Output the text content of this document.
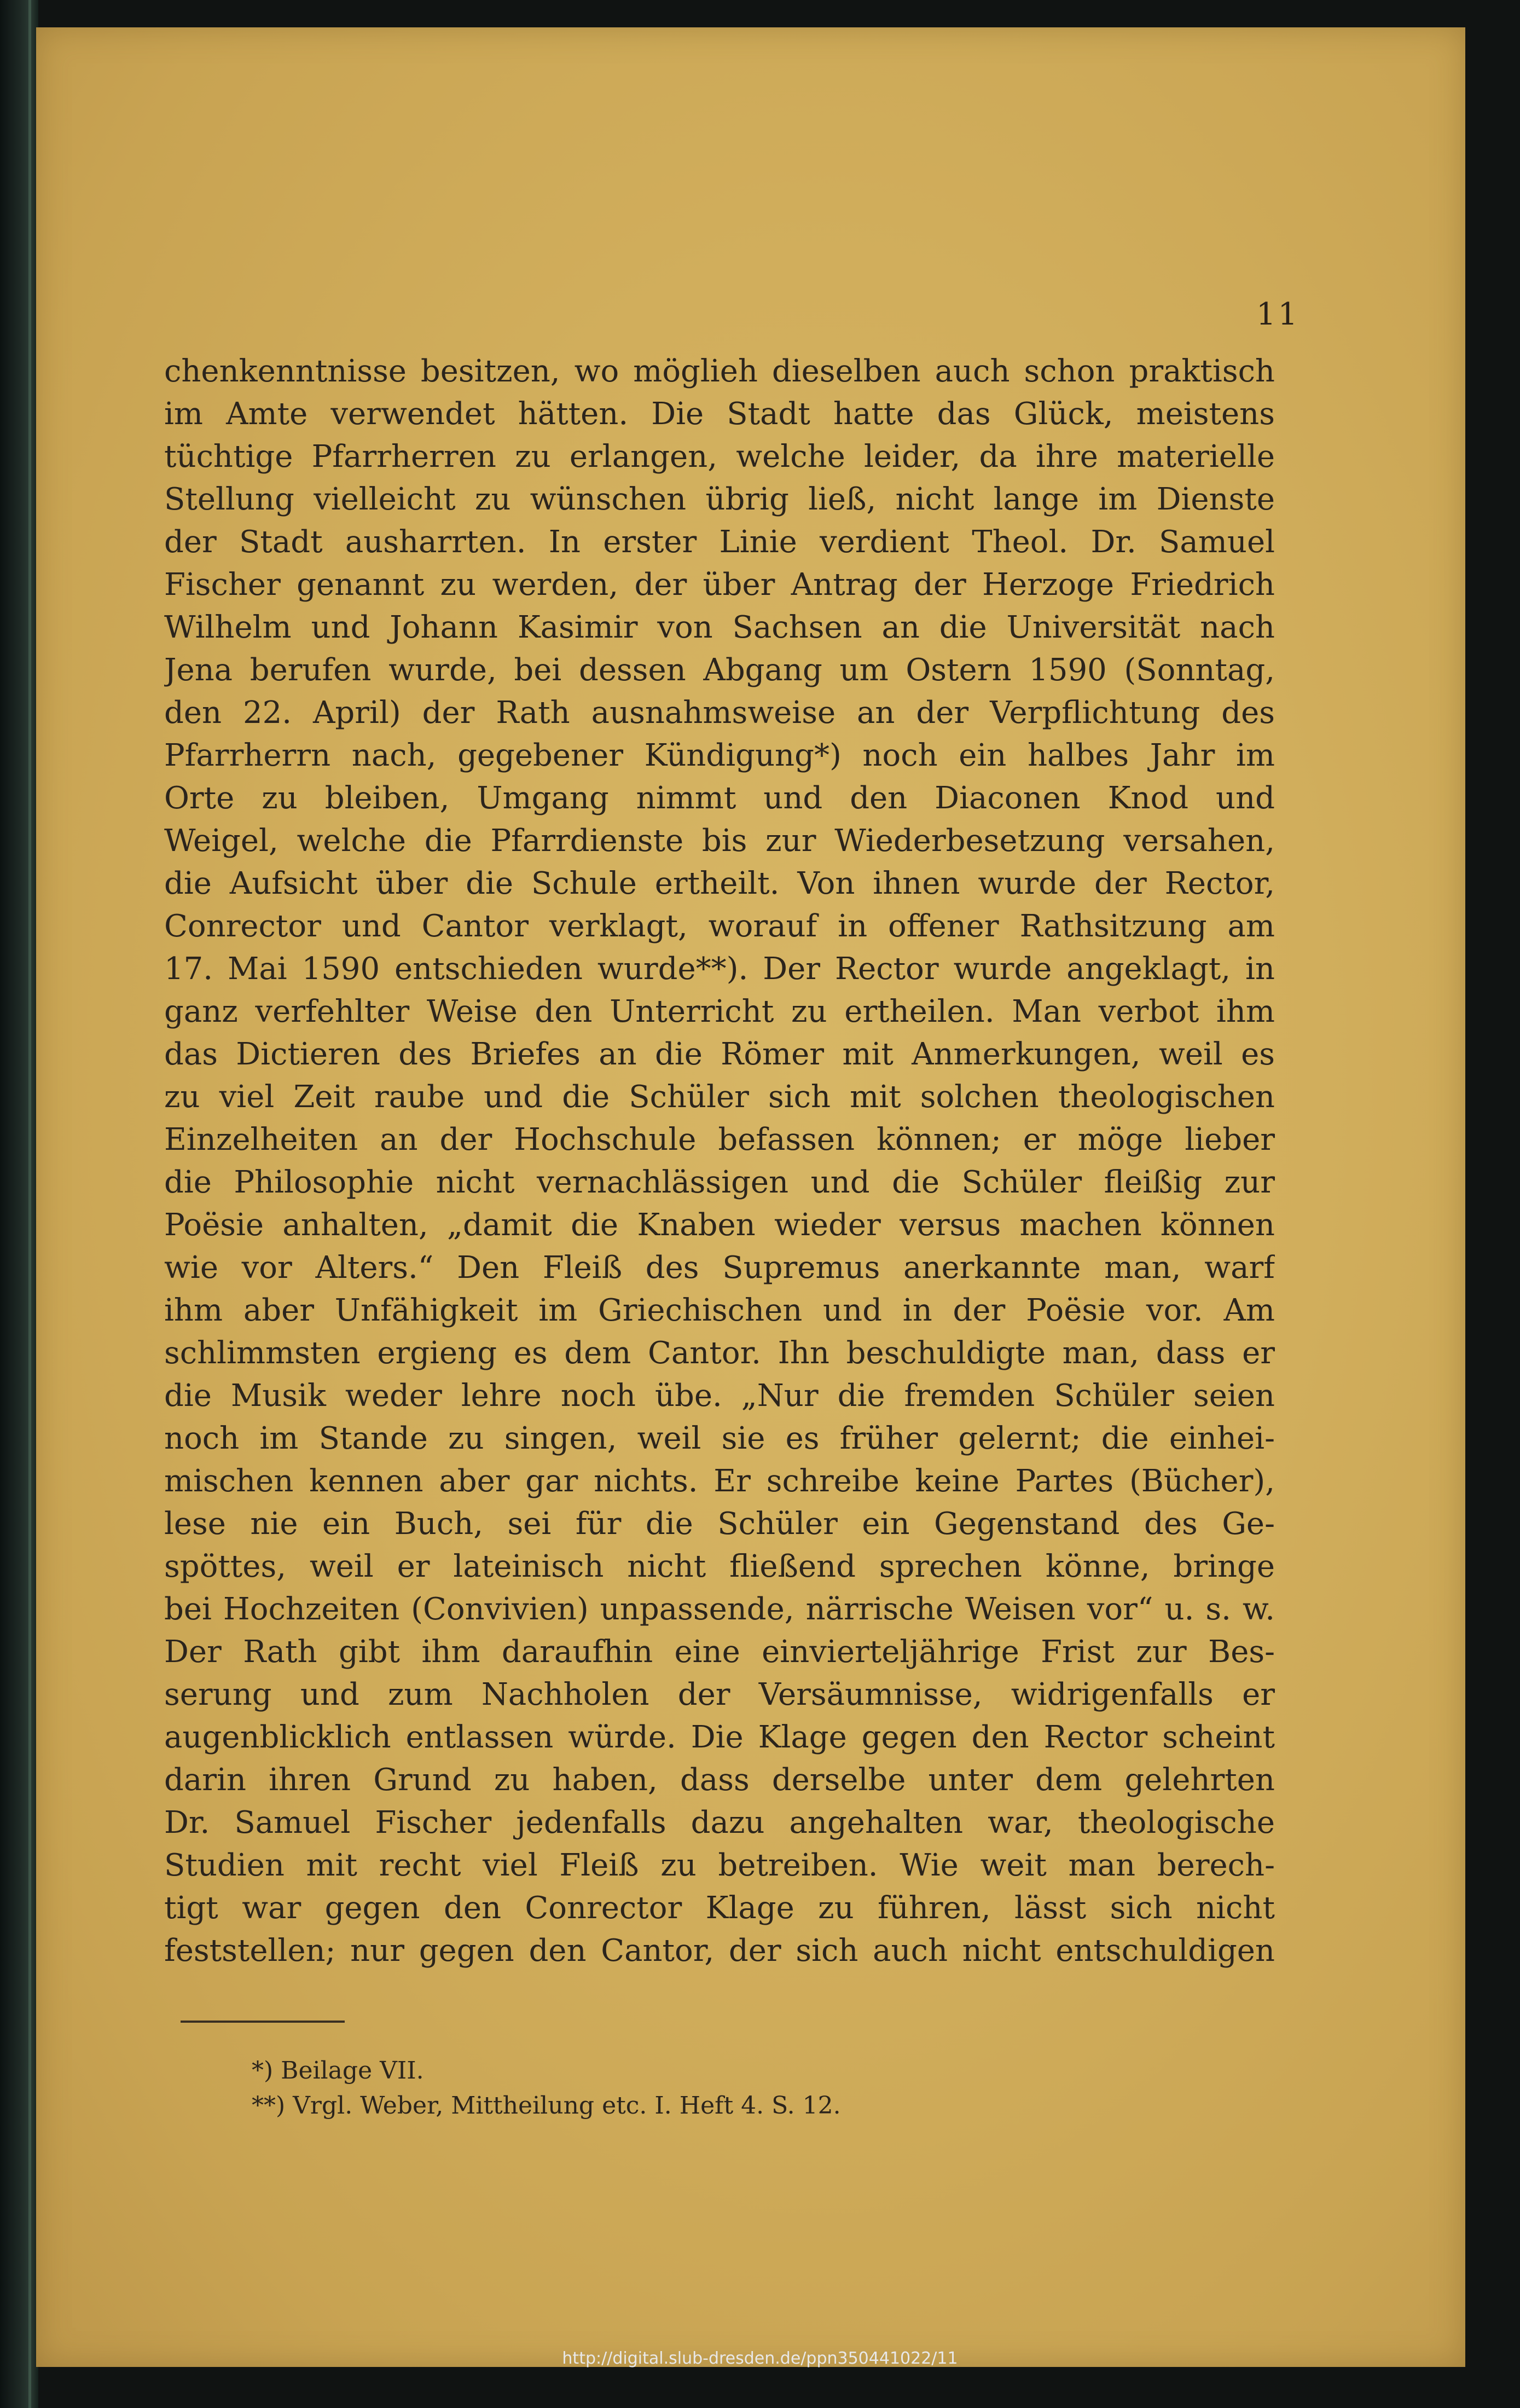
11
chenkenntnisse besitzen, wo möglieh dieselben auch schon praktisch
im Amte verwendet hätten. Die Stadt hatte das Glück, meistens
tüchtige Pfarrherren zu erlangen, welche leider, da ihre materielle
Stellung vielleicht zu wünschen übrig ließ, nicht lange im Dienste
der Stadt ausharrten. In erster Linie verdient Theol. Dr. Samuel
Fischer genannt zu werden, der über Antrag der Herzoge Friedrich
Wilhelm und Johann Kasimir von Sachsen an die Universität nach
Jena berufen wurde, bei dessen Abgang um Ostern 1590 (Sonntag,
den 22. April) der Rath ausnahmsweise an der Verpflichtung des
Pfarrherrn nach, gegebener Kündigung*) noch ein halbes Jahr im
Orte zu bleiben, Umgang nimmt und den Diaconen Knod und
Weigel, welche die Pfarrdienste bis zur Wiederbesetzung versahen,
die Aufsicht über die Schule ertheilt. Von ihnen wurde der Rector,
Conrector und Cantor verklagt, worauf in offener Rathsitzung am
17. Mai 1590 entschieden wurde**). Der Rector wurde angeklagt, in
ganz verfehlter Weise den Unterricht zu ertheilen. Man verbot ihm
das Dictieren des Briefes an die Römer mit Anmerkungen, weil es
zu viel Zeit raube und die Schüler sich mit solchen theologischen
Einzelheiten an der Hochschule befassen können; er möge lieber
die Philosophie nicht vernachlässigen und die Schüler fleißig zur
Poësie anhalten, „damit die Knaben wieder versus machen können
wie vor Alters.“ Den Fleiß des Supremus anerkannte man, warf
ihm aber Unfähigkeit im Griechischen und in der Poësie vor. Am
schlimmsten ergieng es dem Cantor. Ihn beschuldigte man, dass er
die Musik weder lehre noch übe. „Nur die fremden Schüler seien
noch im Stande zu singen, weil sie es früher gelernt; die einhei-
mischen kennen aber gar nichts. Er schreibe keine Partes (Bücher),
lese nie ein Buch, sei für die Schüler ein Gegenstand des Ge-
spöttes, weil er lateinisch nicht fließend sprechen könne, bringe
bei Hochzeiten (Convivien) unpassende, närrische Weisen vor“ u. s. w.
Der Rath gibt ihm daraufhin eine einvierteljährige Frist zur Bes-
serung und zum Nachholen der Versäumnisse, widrigenfalls er
augenblicklich entlassen würde. Die Klage gegen den Rector scheint
darin ihren Grund zu haben, dass derselbe unter dem gelehrten
Dr. Samuel Fischer jedenfalls dazu angehalten war, theologische
Studien mit recht viel Fleiß zu betreiben. Wie weit man berech-
tigt war gegen den Conrector Klage zu führen, lässt sich nicht
feststellen; nur gegen den Cantor, der sich auch nicht entschuldigen
*) Beilage VII.
**) Vrgl. Weber, Mittheilung etc. I. Heft 4. S. 12.
http://digital.slub-dresden.de/ppn350441022/11
